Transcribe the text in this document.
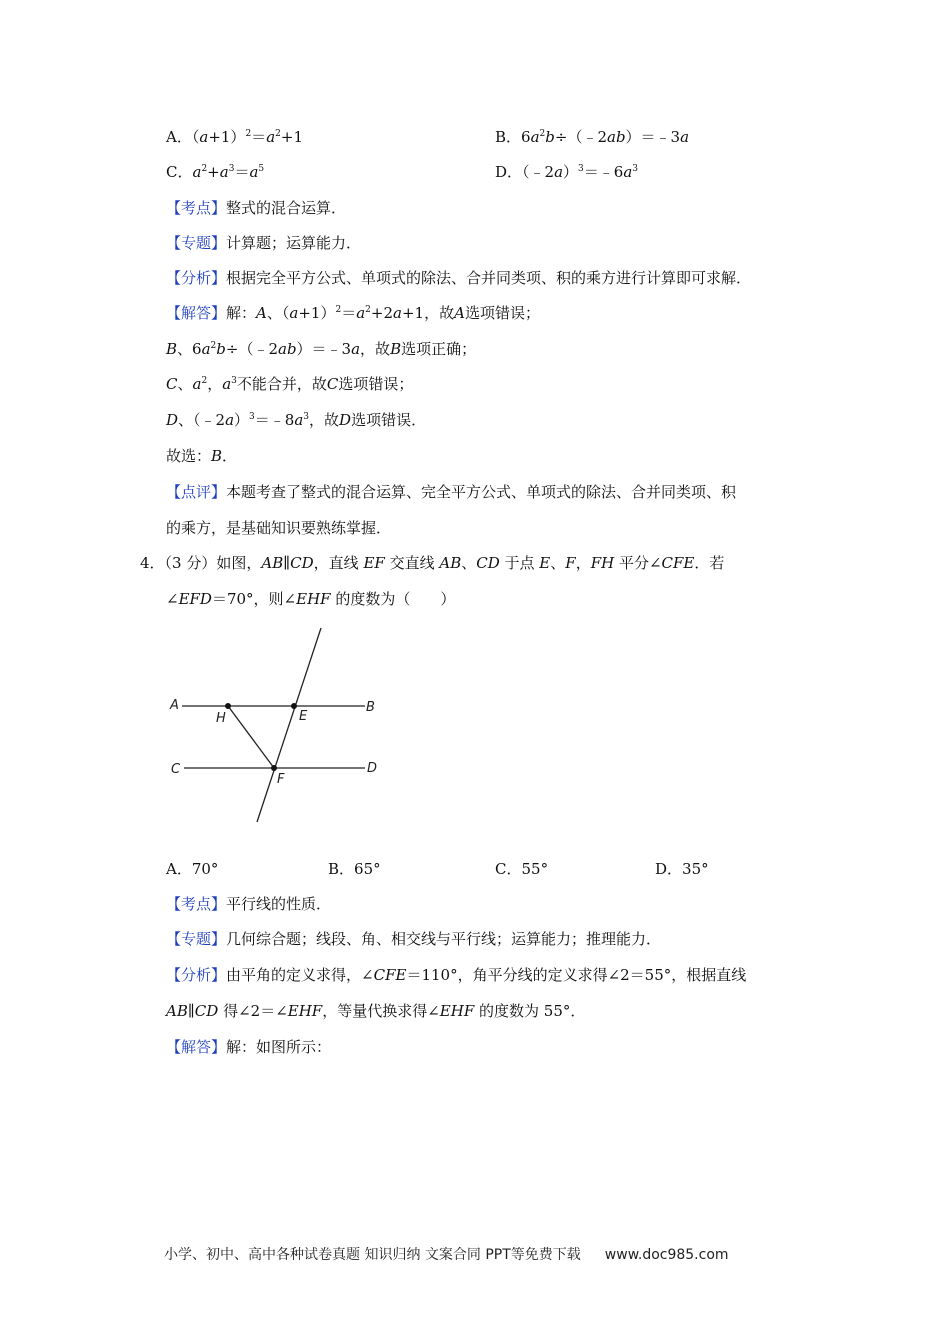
A．$(a+1)^2=a^2+1$	B．$6a^2b\div(﹣2ab)=﹣3a$
C．$a^2+a^3=a^5$	D．$(﹣2a)^3=﹣6a^3$
【考点】整式的混合运算．
【专题】计算题；运算能力．
【分析】根据完全平方公式、单项式的除法、合并同类项、积的乘方进行计算即可求解．
【解答】解：A、$(a+1)^2=a^2+2a+1$，故A选项错误；
B、$6a^2b\div(﹣2ab)=﹣3a$，故B选项正确；
C、$a^2$，$a^3$不能合并，故C选项错误；
D、$(﹣2a)^3=﹣8a^3$，故D选项错误．
故选：B．
【点评】本题考查了整式的混合运算、完全平方公式、单项式的除法、合并同类项、积
的乘方，是基础知识要熟练掌握．
4．（3 分）如图，AB∥CD，直线 EF 交直线 AB、CD 于点 E、F，FH 平分∠CFE．若
∠EFD＝70°，则∠EHF 的度数为（　　）
A	B
C	D
H	E
F
A．70°	B．65°	C．55°	D．35°
【考点】平行线的性质．
【专题】几何综合题；线段、角、相交线与平行线；运算能力；推理能力．
【分析】由平角的定义求得，∠CFE＝110°，角平分线的定义求得∠2＝55°，根据直线
AB∥CD 得∠2＝∠EHF，等量代换求得∠EHF 的度数为 55°．
【解答】解：如图所示：
小学、初中、高中各种试卷真题 知识归纳 文案合同 PPT等免费下载 www.doc985.com
